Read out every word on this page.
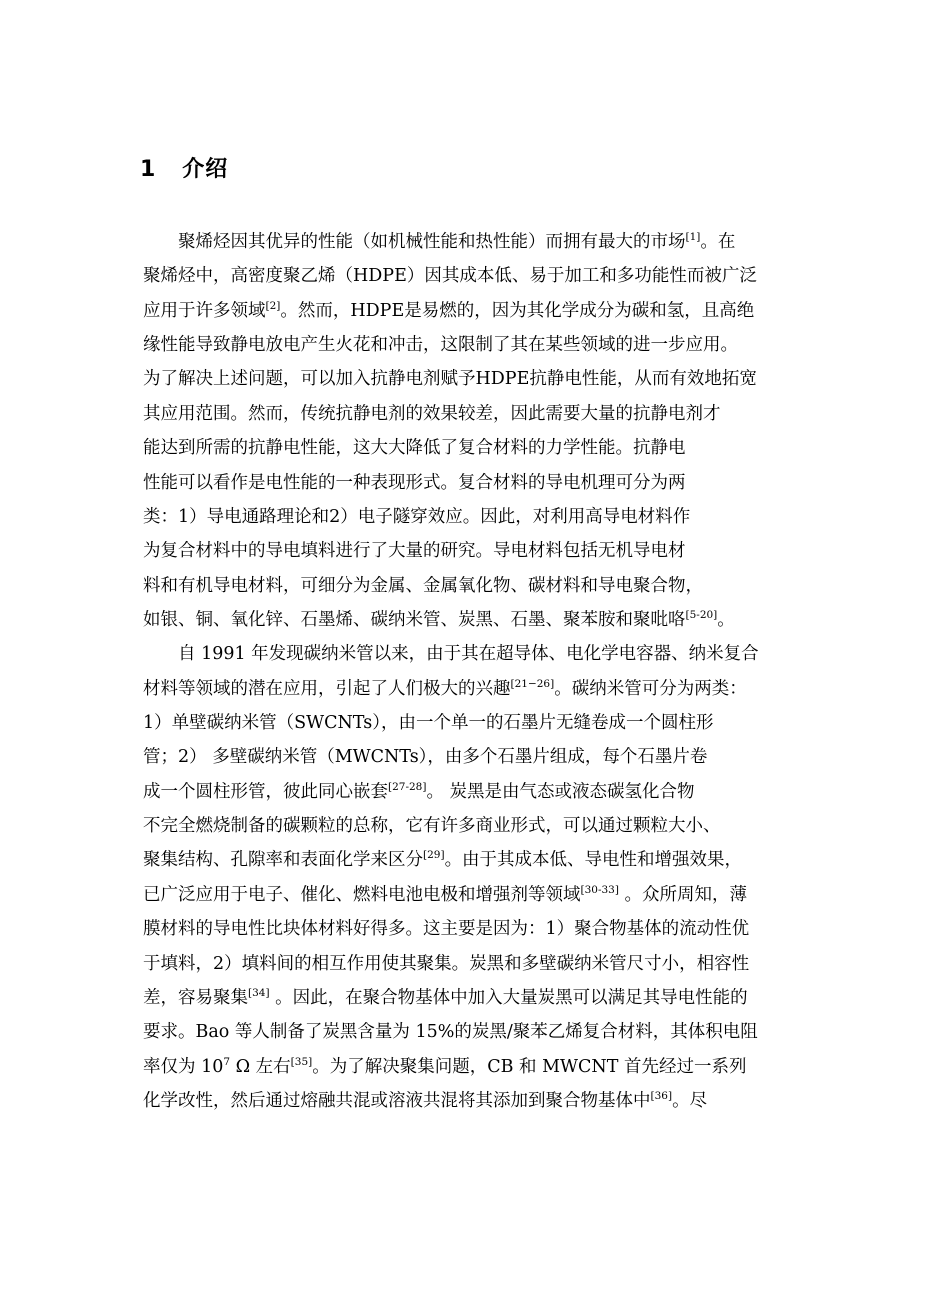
1 介绍
聚烯烃因其优异的性能（如机械性能和热性能）而拥有最大的市场[1]。在
聚烯烃中，高密度聚乙烯（HDPE）因其成本低、易于加工和多功能性而被广泛
应用于许多领域[2]。然而，HDPE是易燃的，因为其化学成分为碳和氢，且高绝
缘性能导致静电放电产生火花和冲击，这限制了其在某些领域的进一步应用。
为了解决上述问题，可以加入抗静电剂赋予HDPE抗静电性能，从而有效地拓宽
其应用范围。然而，传统抗静电剂的效果较差，因此需要大量的抗静电剂才
能达到所需的抗静电性能，这大大降低了复合材料的力学性能。抗静电
性能可以看作是电性能的一种表现形式。复合材料的导电机理可分为两
类：1）导电通路理论和2）电子隧穿效应。因此，对利用高导电材料作
为复合材料中的导电填料进行了大量的研究。导电材料包括无机导电材
料和有机导电材料，可细分为金属、金属氧化物、碳材料和导电聚合物，
如银、铜、氧化锌、石墨烯、碳纳米管、炭黑、石墨、聚苯胺和聚吡咯[5-20]。
自 1991 年发现碳纳米管以来，由于其在超导体、电化学电容器、纳米复合
材料等领域的潜在应用，引起了人们极大的兴趣[21−26]。碳纳米管可分为两类：
1）单壁碳纳米管（SWCNTs），由一个单一的石墨片无缝卷成一个圆柱形
管；2） 多壁碳纳米管（MWCNTs），由多个石墨片组成，每个石墨片卷
成一个圆柱形管，彼此同心嵌套[27-28]。 炭黑是由气态或液态碳氢化合物
不完全燃烧制备的碳颗粒的总称，它有许多商业形式，可以通过颗粒大小、
聚集结构、孔隙率和表面化学来区分[29]。由于其成本低、导电性和增强效果，
已广泛应用于电子、催化、燃料电池电极和增强剂等领域[30-33] 。众所周知，薄
膜材料的导电性比块体材料好得多。这主要是因为：1）聚合物基体的流动性优
于填料，2）填料间的相互作用使其聚集。炭黑和多壁碳纳米管尺寸小，相容性
差，容易聚集[34] 。因此，在聚合物基体中加入大量炭黑可以满足其导电性能的
要求。Bao 等人制备了炭黑含量为 15%的炭黑/聚苯乙烯复合材料，其体积电阻
率仅为 $10^7$ Ω 左右[35]。为了解决聚集问题，CB 和 MWCNT 首先经过一系列
化学改性，然后通过熔融共混或溶液共混将其添加到聚合物基体中[36]。尽
